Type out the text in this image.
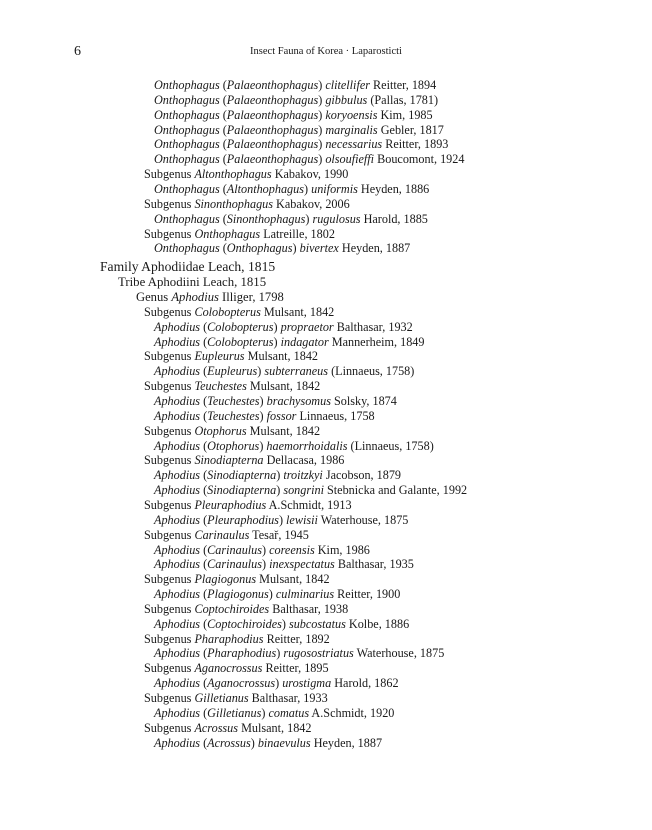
6	Insect Fauna of Korea · Laparosticti
Onthophagus (Palaeonthophagus) clitellifer Reitter, 1894
Onthophagus (Palaeonthophagus) gibbulus (Pallas, 1781)
Onthophagus (Palaeonthophagus) koryoensis Kim, 1985
Onthophagus (Palaeonthophagus) marginalis Gebler, 1817
Onthophagus (Palaeonthophagus) necessarius Reitter, 1893
Onthophagus (Palaeonthophagus) olsoufieffi Boucomont, 1924
Subgenus Altonthophagus Kabakov, 1990
Onthophagus (Altonthophagus) uniformis Heyden, 1886
Subgenus Sinonthophagus Kabakov, 2006
Onthophagus (Sinonthophagus) rugulosus Harold, 1885
Subgenus Onthophagus Latreille, 1802
Onthophagus (Onthophagus) bivertex Heyden, 1887
Family Aphodiidae Leach, 1815
Tribe Aphodiini Leach, 1815
Genus Aphodius Illiger, 1798
Subgenus Colobopterus Mulsant, 1842
Aphodius (Colobopterus) propraetor Balthasar, 1932
Aphodius (Colobopterus) indagator Mannerheim, 1849
Subgenus Eupleurus Mulsant, 1842
Aphodius (Eupleurus) subterraneus (Linnaeus, 1758)
Subgenus Teuchestes Mulsant, 1842
Aphodius (Teuchestes) brachysomus Solsky, 1874
Aphodius (Teuchestes) fossor Linnaeus, 1758
Subgenus Otophorus Mulsant, 1842
Aphodius (Otophorus) haemorrhoidalis (Linnaeus, 1758)
Subgenus Sinodiapterna Dellacasa, 1986
Aphodius (Sinodiapterna) troitzkyi Jacobson, 1879
Aphodius (Sinodiapterna) songrini Stebnicka and Galante, 1992
Subgenus Pleuraphodius A.Schmidt, 1913
Aphodius (Pleuraphodius) lewisii Waterhouse, 1875
Subgenus Carinaulus Tesař, 1945
Aphodius (Carinaulus) coreensis Kim, 1986
Aphodius (Carinaulus) inexspectatus Balthasar, 1935
Subgenus Plagiogonus Mulsant, 1842
Aphodius (Plagiogonus) culminarius Reitter, 1900
Subgenus Coptochiroides Balthasar, 1938
Aphodius (Coptochiroides) subcostatus Kolbe, 1886
Subgenus Pharaphodius Reitter, 1892
Aphodius (Pharaphodius) rugosostriatus Waterhouse, 1875
Subgenus Aganocrossus Reitter, 1895
Aphodius (Aganocrossus) urostigma Harold, 1862
Subgenus Gilletianus Balthasar, 1933
Aphodius (Gilletianus) comatus A.Schmidt, 1920
Subgenus Acrossus Mulsant, 1842
Aphodius (Acrossus) binaevulus Heyden, 1887
